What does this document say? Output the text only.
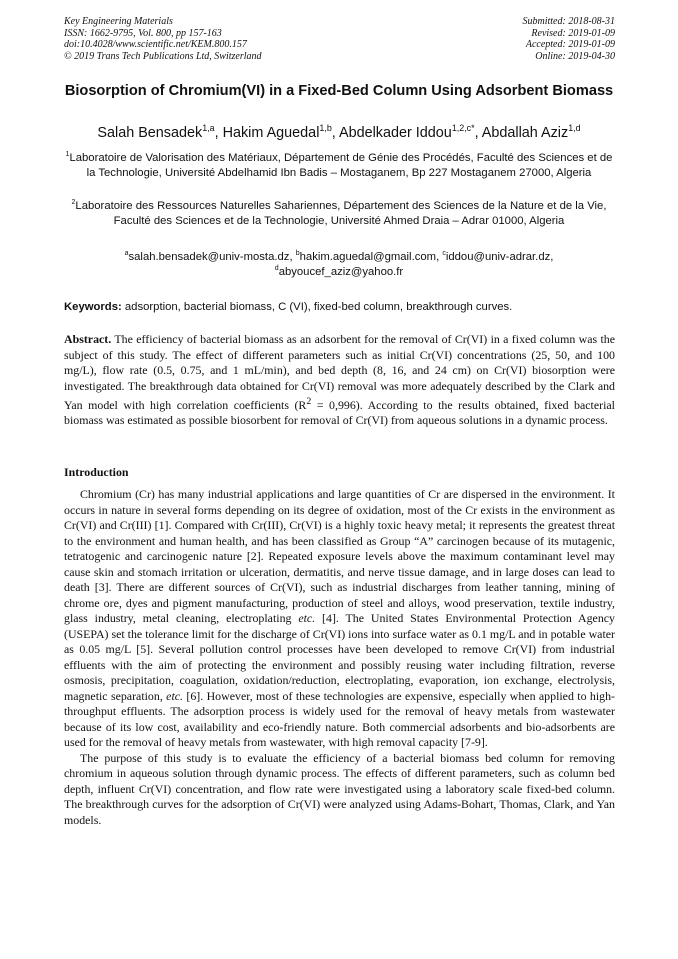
Key Engineering Materials
ISSN: 1662-9795, Vol. 800, pp 157-163
doi:10.4028/www.scientific.net/KEM.800.157
© 2019 Trans Tech Publications Ltd, Switzerland
Submitted: 2018-08-31
Revised: 2019-01-09
Accepted: 2019-01-09
Online: 2019-04-30
Biosorption of Chromium(VI) in a Fixed-Bed Column Using Adsorbent Biomass
Salah Bensadek$^{1,a}$, Hakim Aguedal$^{1,b}$, Abdelkader Iddou$^{1,2,c*}$, Abdallah Aziz$^{1,d}$
$^1$Laboratoire de Valorisation des Matériaux, Département de Génie des Procédés, Faculté des Sciences et de la Technologie, Université Abdelhamid Ibn Badis – Mostaganem, Bp 227 Mostaganem 27000, Algeria
$^2$Laboratoire des Ressources Naturelles Sahariennes, Département des Sciences de la Nature et de la Vie, Faculté des Sciences et de la Technologie, Université Ahmed Draia – Adrar 01000, Algeria
$^a$salah.bensadek@univ-mosta.dz, $^b$hakim.aguedal@gmail.com, $^c$iddou@univ-adrar.dz,
$^d$abyoucef_aziz@yahoo.fr
Keywords: adsorption, bacterial biomass, C (VI), fixed-bed column, breakthrough curves.
Abstract. The efficiency of bacterial biomass as an adsorbent for the removal of Cr(VI) in a fixed column was the subject of this study. The effect of different parameters such as initial Cr(VI) concentrations (25, 50, and 100 mg/L), flow rate (0.5, 0.75, and 1 mL/min), and bed depth (8, 16, and 24 cm) on Cr(VI) biosorption were investigated. The breakthrough data obtained for Cr(VI) removal was more adequately described by the Clark and Yan model with high correlation coefficients $(R^2 = 0,996)$. According to the results obtained, fixed bacterial biomass was estimated as possible biosorbent for removal of Cr(VI) from aqueous solutions in a dynamic process.
Introduction

Chromium (Cr) has many industrial applications and large quantities of Cr are dispersed in the environment. It occurs in nature in several forms depending on its degree of oxidation, most of the Cr exists in the environment as Cr(VI) and Cr(III) [1]. Compared with Cr(III), Cr(VI) is a highly toxic heavy metal; it represents the greatest threat to the environment and human health, and has been classified as Group “A” carcinogen because of its mutagenic, tetratogenic and carcinogenic nature [2]. Repeated exposure levels above the maximum contaminant level may cause skin and stomach irritation or ulceration, dermatitis, and nerve tissue damage, and in large doses can lead to death [3]. There are different sources of Cr(VI), such as industrial discharges from leather tanning, mining of chrome ore, dyes and pigment manufacturing, production of steel and alloys, wood preservation, textile industry, glass industry, metal cleaning, electroplating etc. [4]. The United States Environmental Protection Agency (USEPA) set the tolerance limit for the discharge of Cr(VI) ions into surface water as 0.1 mg/L and in potable water as 0.05 mg/L [5]. Several pollution control processes have been developed to remove Cr(VI) from industrial effluents with the aim of protecting the environment and possibly reusing water including filtration, reverse osmosis, precipitation, coagulation, oxidation/reduction, electroplating, evaporation, ion exchange, electrolysis, magnetic separation, etc. [6]. However, most of these technologies are expensive, especially when applied to high-throughput effluents. The adsorption process is widely used for the removal of heavy metals from wastewater because of its low cost, availability and eco-friendly nature. Both commercial adsorbents and bio-adsorbents are used for the removal of heavy metals from wastewater, with high removal capacity [7-9].

The purpose of this study is to evaluate the efficiency of a bacterial biomass bed column for removing chromium in aqueous solution through dynamic process. The effects of different parameters, such as column bed depth, influent Cr(VI) concentration, and flow rate were investigated using a laboratory scale fixed-bed column. The breakthrough curves for the adsorption of Cr(VI) were analyzed using Adams-Bohart, Thomas, Clark, and Yan models.
